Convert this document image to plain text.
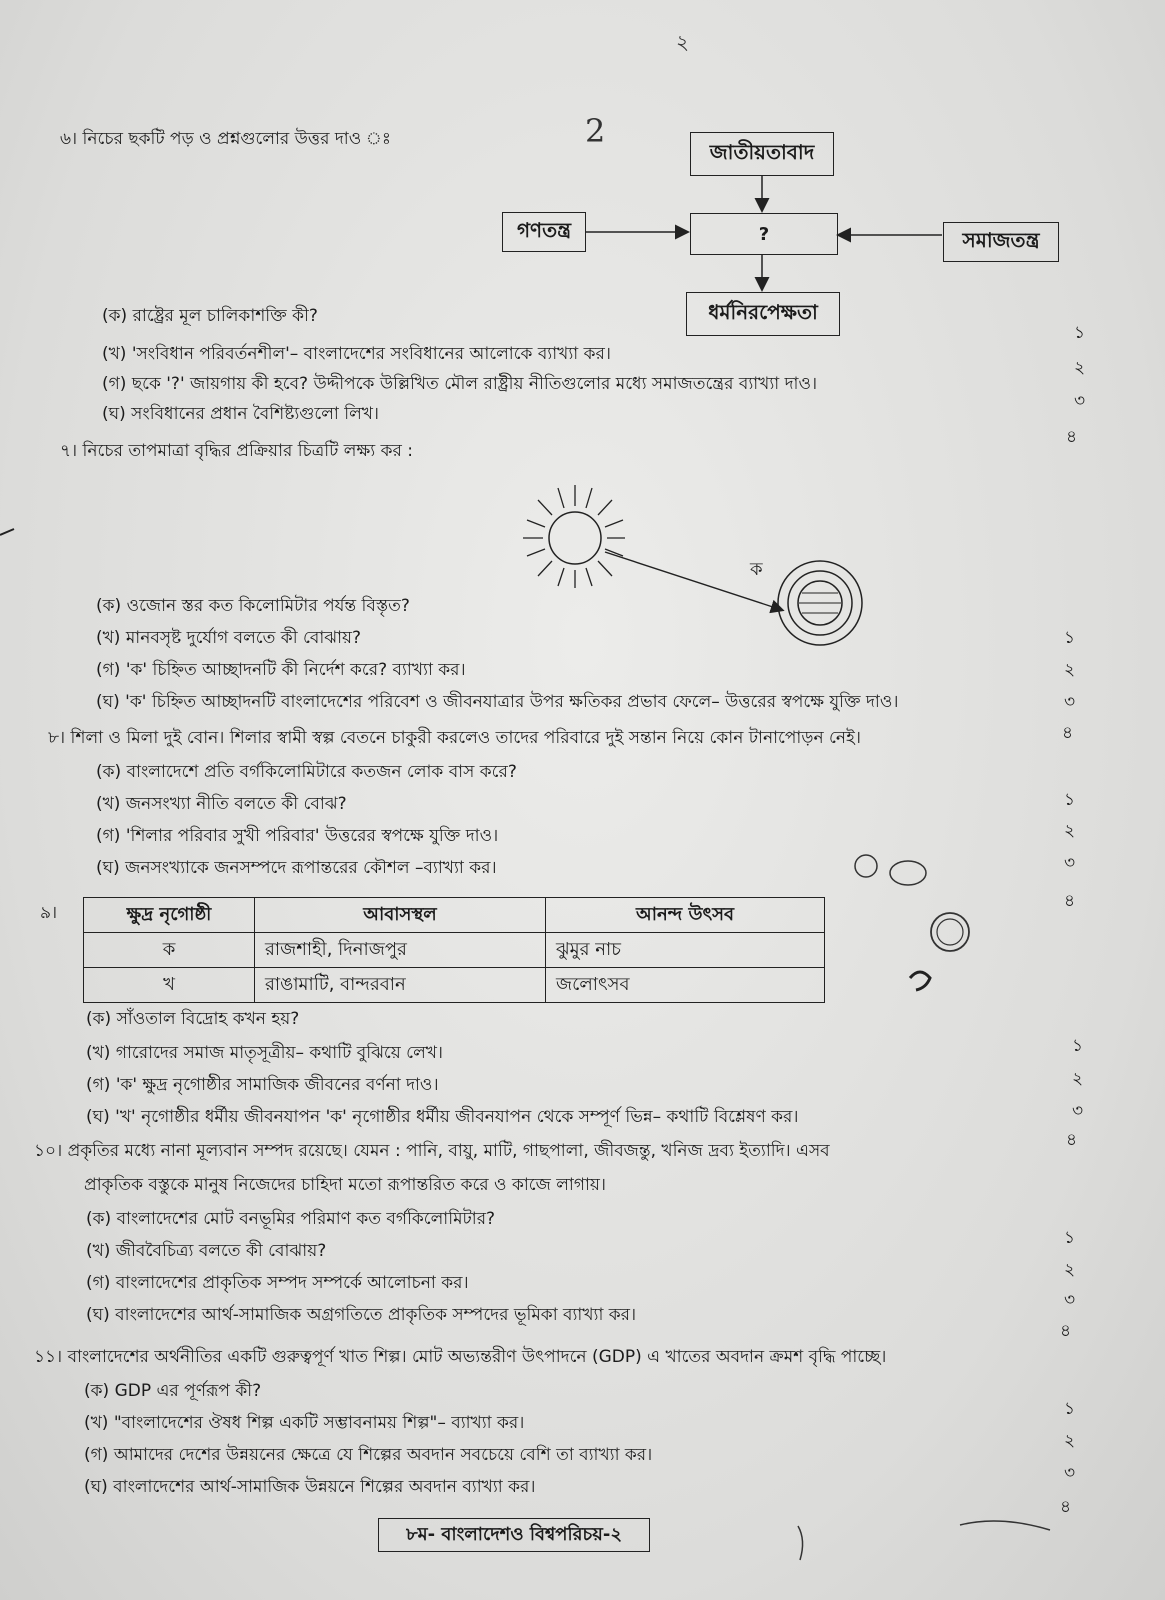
২
৬। নিচের ছকটি পড় ও প্রশ্নগুলোর উত্তর দাও ঃ	2
জাতীয়তাবাদ
গণতন্ত্র	?	সমাজতন্ত্র
ধর্মনিরপেক্ষতা
(ক) রাষ্ট্রের মূল চালিকাশক্তি কী?
(খ) 'সংবিধান পরিবর্তনশীল'– বাংলাদেশের সংবিধানের আলোকে ব্যাখ্যা কর।
(গ) ছকে '?' জায়গায় কী হবে? উদ্দীপকে উল্লিখিত মৌল রাষ্ট্রীয় নীতিগুলোর মধ্যে সমাজতন্ত্রের ব্যাখ্যা দাও।
(ঘ) সংবিধানের প্রধান বৈশিষ্ট্যগুলো লিখ।
১
২
৩
৪
৭। নিচের তাপমাত্রা বৃদ্ধির প্রক্রিয়ার চিত্রটি লক্ষ্য কর :
ক
(ক) ওজোন স্তর কত কিলোমিটার পর্যন্ত বিস্তৃত?
(খ) মানবসৃষ্ট দুর্যোগ বলতে কী বোঝায়?
(গ) 'ক' চিহ্নিত আচ্ছাদনটি কী নির্দেশ করে? ব্যাখ্যা কর।
(ঘ) 'ক' চিহ্নিত আচ্ছাদনটি বাংলাদেশের পরিবেশ ও জীবনযাত্রার উপর ক্ষতিকর প্রভাব ফেলে– উত্তরের স্বপক্ষে যুক্তি দাও।
১
২
৩
৪
৮। শিলা ও মিলা দুই বোন। শিলার স্বামী স্বল্প বেতনে চাকুরী করলেও তাদের পরিবারে দুই সন্তান নিয়ে কোন টানাপোড়ন নেই।
(ক) বাংলাদেশে প্রতি বর্গকিলোমিটারে কতজন লোক বাস করে?
(খ) জনসংখ্যা নীতি বলতে কী বোঝ?
(গ) 'শিলার পরিবার সুখী পরিবার' উত্তরের স্বপক্ষে যুক্তি দাও।
(ঘ) জনসংখ্যাকে জনসম্পদে রূপান্তরের কৌশল –ব্যাখ্যা কর।
১
২
৩
৪
৯।	ক্ষুদ্র নৃগোষ্ঠী	আবাসস্থল	আনন্দ উৎসব
ক	রাজশাহী, দিনাজপুর	ঝুমুর নাচ
খ	রাঙামাটি, বান্দরবান	জলোৎসব
(ক) সাঁওতাল বিদ্রোহ কখন হয়?
(খ) গারোদের সমাজ মাতৃসূত্রীয়– কথাটি বুঝিয়ে লেখ।
(গ) 'ক' ক্ষুদ্র নৃগোষ্ঠীর সামাজিক জীবনের বর্ণনা দাও।
(ঘ) 'খ' নৃগোষ্ঠীর ধর্মীয় জীবনযাপন 'ক' নৃগোষ্ঠীর ধর্মীয় জীবনযাপন থেকে সম্পূর্ণ ভিন্ন– কথাটি বিশ্লেষণ কর।
১
২
৩
৪
১০। প্রকৃতির মধ্যে নানা মূল্যবান সম্পদ রয়েছে। যেমন : পানি, বায়ু, মাটি, গাছপালা, জীবজন্তু, খনিজ দ্রব্য ইত্যাদি। এসব
প্রাকৃতিক বস্তুকে মানুষ নিজেদের চাহিদা মতো রূপান্তরিত করে ও কাজে লাগায়।
(ক) বাংলাদেশের মোট বনভূমির পরিমাণ কত বর্গকিলোমিটার?
(খ) জীববৈচিত্র্য বলতে কী বোঝায়?
(গ) বাংলাদেশের প্রাকৃতিক সম্পদ সম্পর্কে আলোচনা কর।
(ঘ) বাংলাদেশের আর্থ-সামাজিক অগ্রগতিতে প্রাকৃতিক সম্পদের ভূমিকা ব্যাখ্যা কর।
১
২
৩
৪
১১। বাংলাদেশের অর্থনীতির একটি গুরুত্বপূর্ণ খাত শিল্প। মোট অভ্যন্তরীণ উৎপাদনে (GDP) এ খাতের অবদান ক্রমশ বৃদ্ধি পাচ্ছে।
(ক) GDP এর পূর্ণরূপ কী?
(খ) "বাংলাদেশের ঔষধ শিল্প একটি সম্ভাবনাময় শিল্প"– ব্যাখ্যা কর।
(গ) আমাদের দেশের উন্নয়নের ক্ষেত্রে যে শিল্পের অবদান সবচেয়ে বেশি তা ব্যাখ্যা কর।
(ঘ) বাংলাদেশের আর্থ-সামাজিক উন্নয়নে শিল্পের অবদান ব্যাখ্যা কর।
১
২
৩
৪
৮ম- বাংলাদেশও বিশ্বপরিচয়-২
